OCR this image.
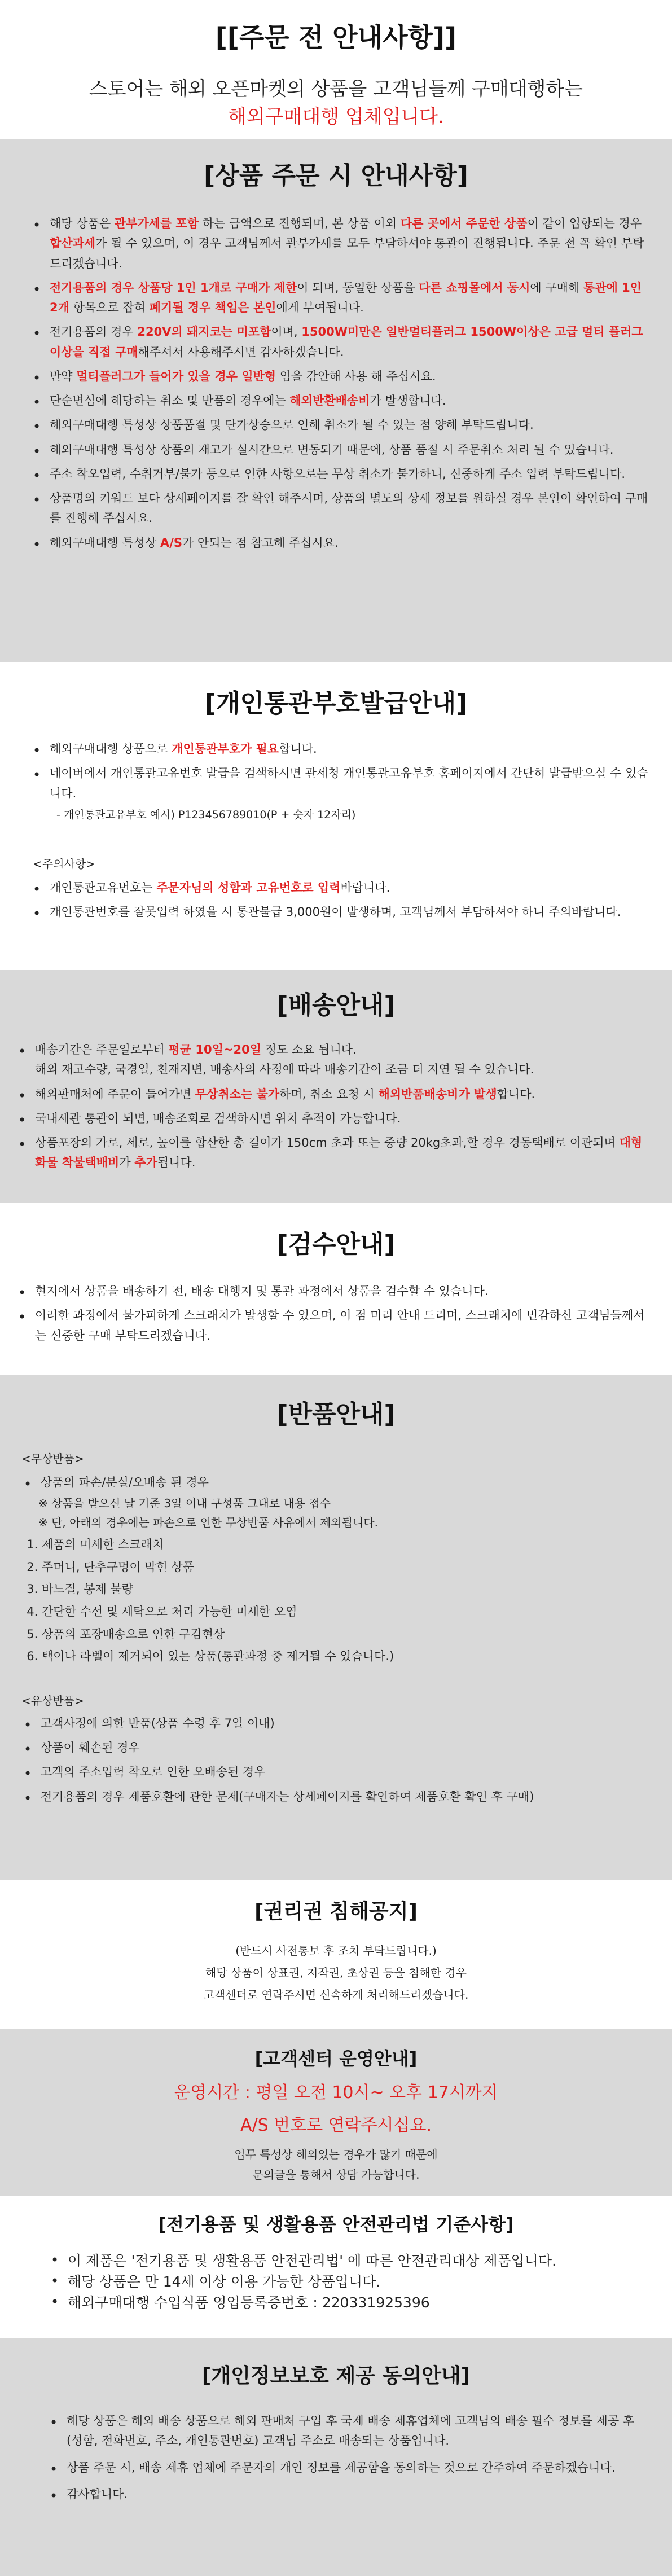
[[주문 전 안내사항]]

스토어는 해외 오픈마켓의 상품을 고객님들께 구매대행하는

해외구매대행 업체입니다.

[상품 주문 시 안내사항]
• 해당 상품은 관부가세를 포함 하는 금액으로 진행되며, 본 상품 이외 다른 곳에서 주문한 상품이 같이 입항되는 경우 합산과세가 될 수 있으며, 이 경우 고객님께서 관부가세를 모두 부담하셔야 통관이 진행됩니다. 주문 전 꼭 확인 부탁드리겠습니다.
• 전기용품의 경우 상품당 1인 1개로 구매가 제한이 되며, 동일한 상품을 다른 쇼핑몰에서 동시에 구매해 통관에 1인2개 항목으로 잡혀 폐기될 경우 책임은 본인에게 부여됩니다.
• 전기용품의 경우 220V의 돼지코는 미포함이며, 1500W미만은 일반멀티플러그 1500W이상은 고급 멀티 플러그 이상을 직접 구매해주셔서 사용해주시면 감사하겠습니다.
• 만약 멀티플러그가 들어가 있을 경우 일반형 임을 감안해 사용 해 주십시요.
• 단순변심에 해당하는 취소 및 반품의 경우에는 해외반환배송비가 발생합니다.
• 해외구매대행 특성상 상품품절 및 단가상승으로 인해 취소가 될 수 있는 점 양해 부탁드립니다.
• 해외구매대행 특성상 상품의 재고가 실시간으로 변동되기 때문에, 상품 품절 시 주문취소 처리 될 수 있습니다.
• 주소 착오입력, 수취거부/불가 등으로 인한 사항으로는 무상 취소가 불가하니, 신중하게 주소 입력 부탁드립니다.
• 상품명의 키워드 보다 상세페이지를 잘 확인 해주시며, 상품의 별도의 상세 정보를 원하실 경우 본인이 확인하여 구매를 진행해 주십시요.
• 해외구매대행 특성상 A/S가 안되는 점 참고해 주십시요.
[개인통관부호발급안내]
• 해외구매대행 상품으로 개인통관부호가 필요합니다.
• 네이버에서 개인통관고유번호 발급을 검색하시면 관세청 개인통관고유부호 홈페이지에서 간단히 발급받으실 수 있습니다.

- 개인통관고유부호 예시) P123456789010(P + 숫자 12자리)

<주의사항>

• 개인통관고유번호는 주문자님의 성함과 고유번호로 입력바랍니다.
• 개인통관번호를 잘못입력 하였을 시 통관불급 3,000원이 발생하며, 고객님께서 부담하셔야 하니 주의바랍니다.
[배송안내]
• 배송기간은 주문일로부터 평균 10일~20일 정도 소요 됩니다.
해외 재고수량, 국경일, 천재지변, 배송사의 사정에 따라 배송기간이 조금 더 지연 될 수 있습니다.
• 해외판매처에 주문이 들어가면 무상취소는 불가하며, 취소 요청 시 해외반품배송비가 발생합니다.
• 국내세관 통관이 되면, 배송조회로 검색하시면 위치 추적이 가능합니다.
• 상품포장의 가로, 세로, 높이를 합산한 총 길이가 150cm 초과 또는 중량 20kg초과,할 경우 경동택배로 이관되며 대형화물 착불택배비가 추가됩니다.
[검수안내]
• 현지에서 상품을 배송하기 전, 배송 대행지 및 통관 과정에서 상품을 검수할 수 있습니다.
• 이러한 과정에서 불가피하게 스크래치가 발생할 수 있으며, 이 점 미리 안내 드리며, 스크래치에 민감하신 고객님들께서는 신중한 구매 부탁드리겠습니다.
[반품안내]

<무상반품>

• 상품의 파손/분실/오배송 된 경우

※ 상품을 받으신 날 기준 3일 이내 구성품 그대로 내용 접수

※ 단, 아래의 경우에는 파손으로 인한 무상반품 사유에서 제외됩니다.

1. 제품의 미세한 스크래치
2. 주머니, 단추구멍이 막힌 상품
3. 바느질, 봉제 불량
4. 간단한 수선 및 세탁으로 처리 가능한 미세한 오염
5. 상품의 포장배송으로 인한 구김현상
6. 택이나 라벨이 제거되어 있는 상품(통관과정 중 제거될 수 있습니다.)

<유상반품>

• 고객사정에 의한 반품(상품 수령 후 7일 이내)
• 상품이 훼손된 경우
• 고객의 주소입력 착오로 인한 오배송된 경우
• 전기용품의 경우 제품호환에 관한 문제(구매자는 상세페이지를 확인하여 제품호환 확인 후 구매)
[권리권 침해공지]

(반드시 사전통보 후 조치 부탁드립니다.)

해당 상품이 상표권, 저작권, 초상권 등을 침해한 경우

고객센터로 연락주시면 신속하게 처리해드리겠습니다.

[고객센터 운영안내]

운영시간 : 평일 오전 10시~ 오후 17시까지

A/S 번호로 연락주시십요.

업무 특성상 해외있는 경우가 많기 때문에

문의글을 통해서 상담 가능합니다.

[전기용품 및 생활용품 안전관리법 기준사항]
• 이 제품은 '전기용품 및 생활용품 안전관리법' 에 따른 안전관리대상 제품입니다.
• 해당 상품은 만 14세 이상 이용 가능한 상품입니다.
• 해외구매대행 수입식품 영업등록증번호 : 220331925396
[개인정보보호 제공 동의안내]
• 해당 상품은 해외 배송 상품으로 해외 판매처 구입 후 국제 배송 제휴업체에 고객님의 배송 필수 정보를 제공 후(성함, 전화번호, 주소, 개인통관번호) 고객님 주소로 배송되는 상품입니다.
• 상품 주문 시, 배송 제휴 업체에 주문자의 개인 정보를 제공함을 동의하는 것으로 간주하여 주문하겠습니다.
• 감사합니다.
